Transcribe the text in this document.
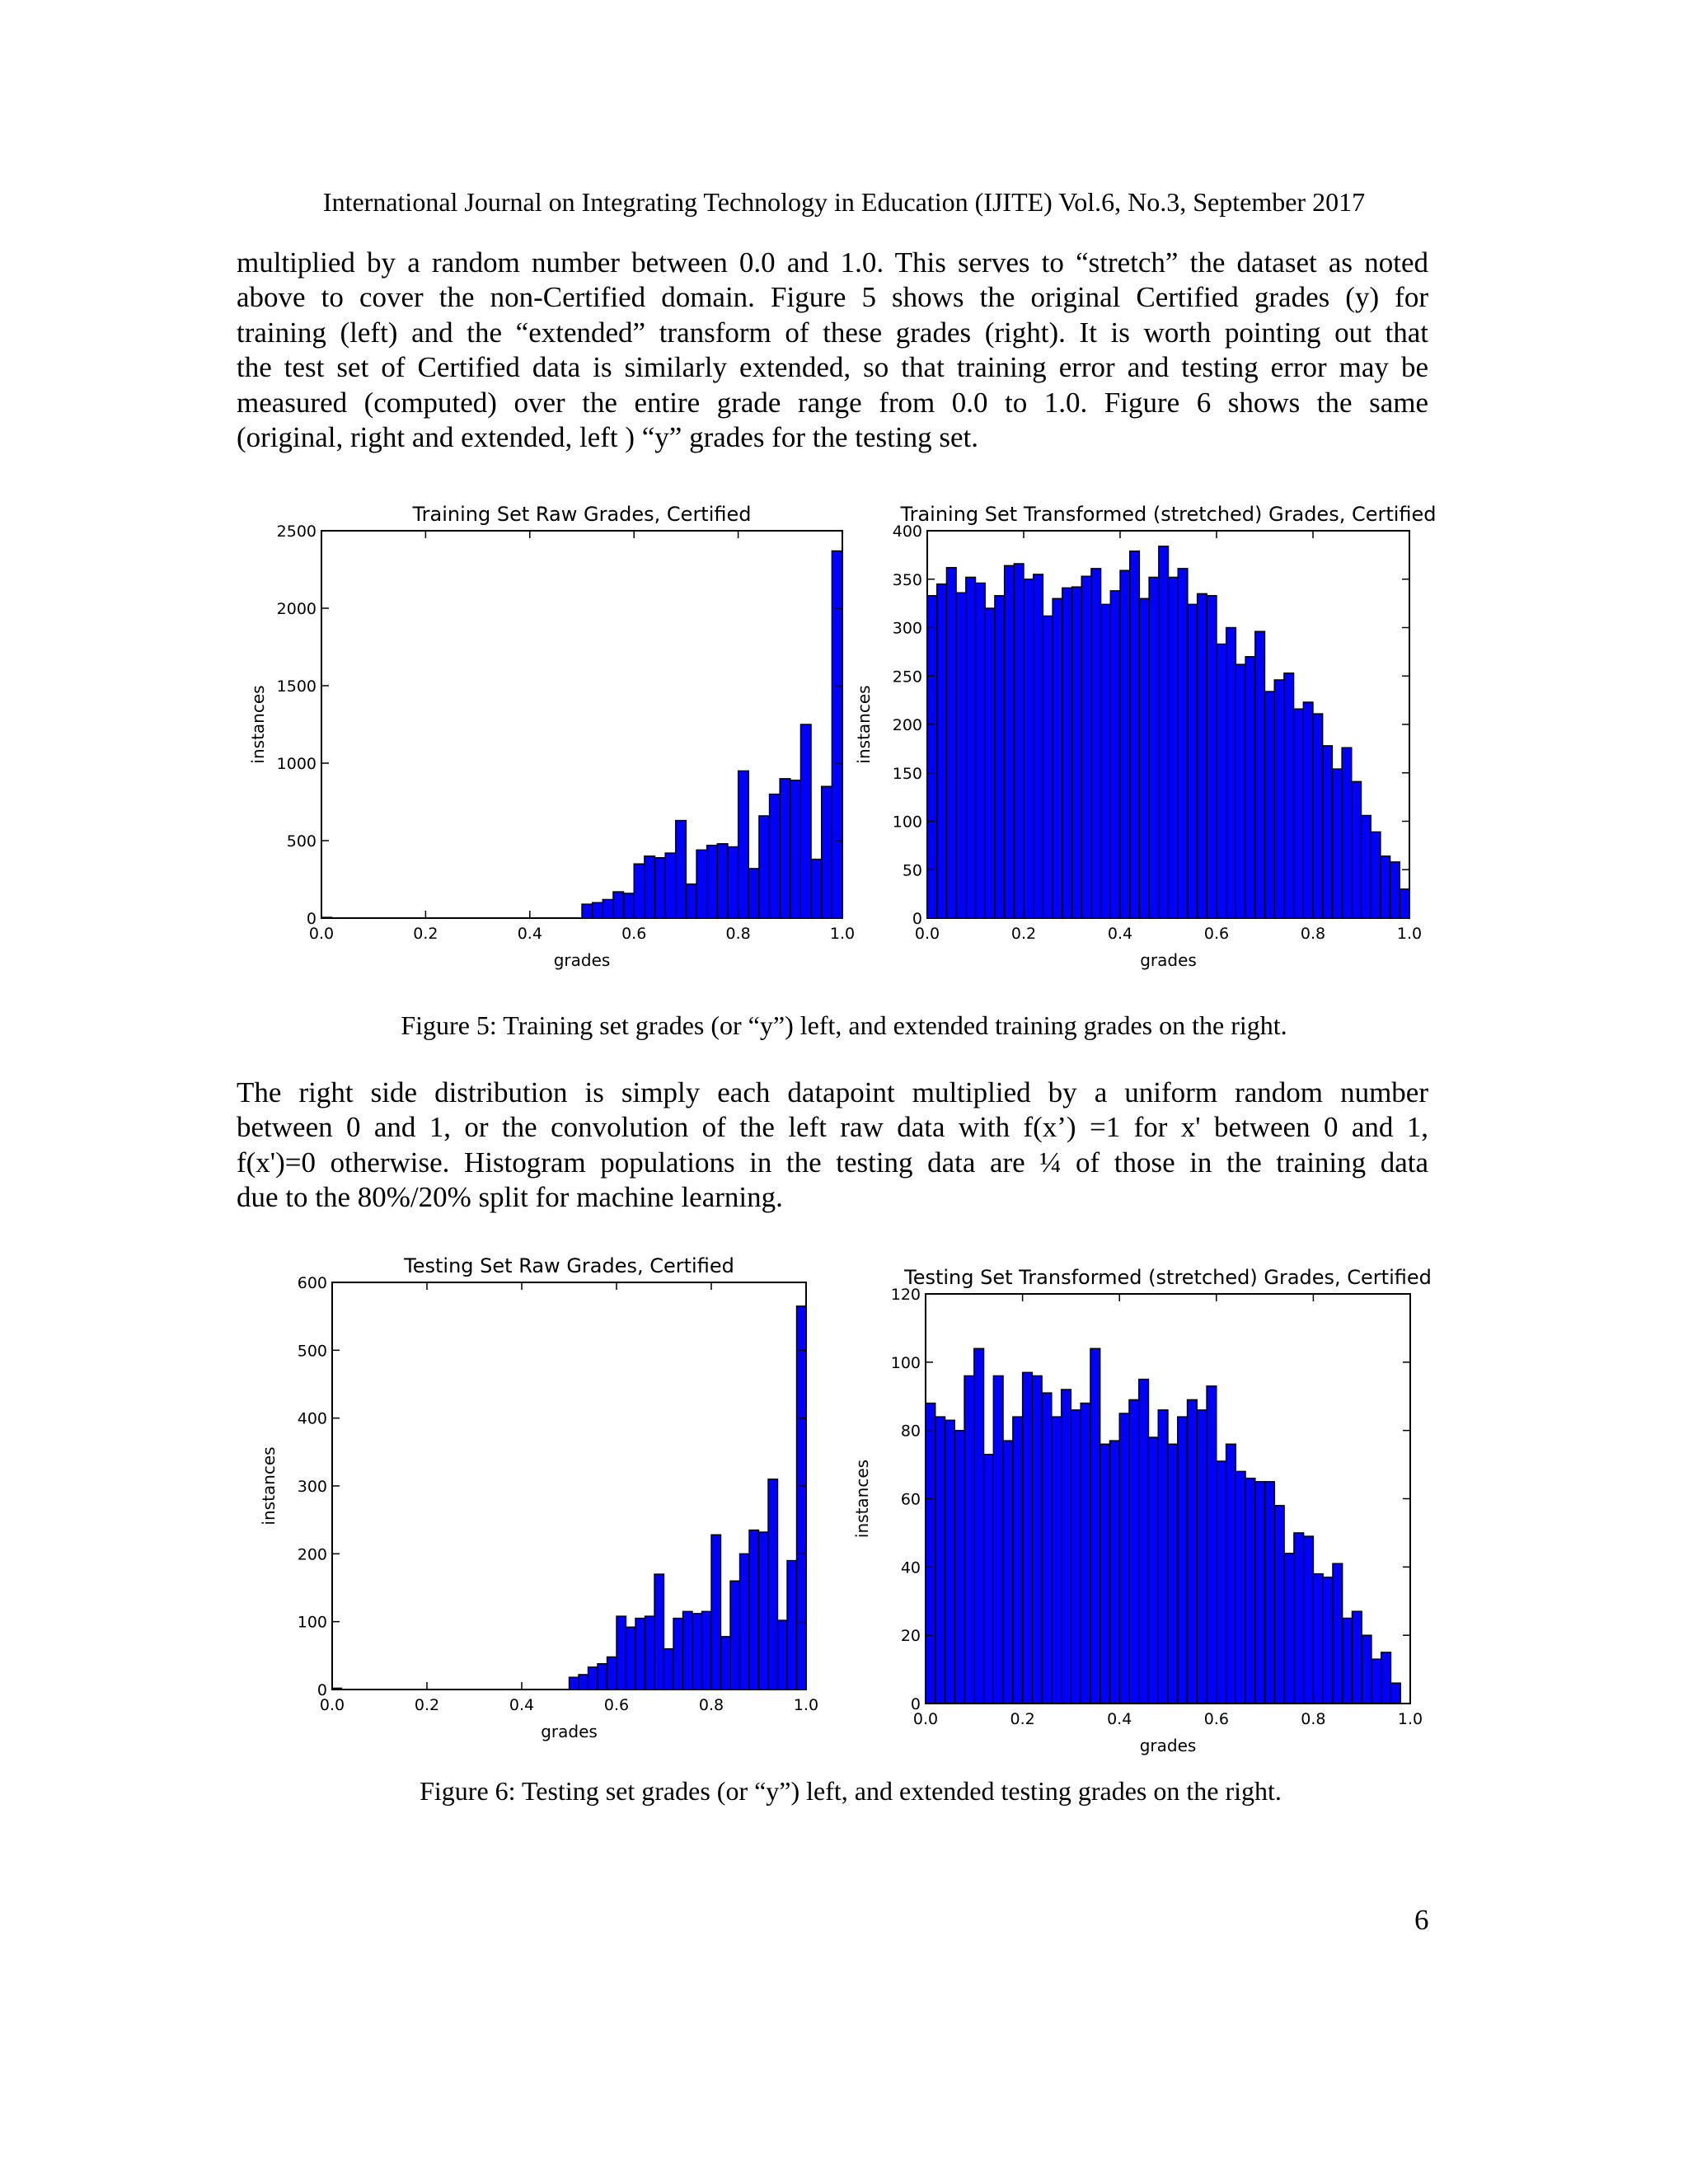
International Journal on Integrating Technology in Education (IJITE) Vol.6, No.3, September 2017
multiplied by a random number between 0.0 and 1.0. This serves to “stretch” the dataset as noted
above to cover the non-Certified domain. Figure 5 shows the original Certified grades (y) for
training (left) and the “extended” transform of these grades (right). It is worth pointing out that
the test set of Certified data is similarly extended, so that training error and testing error may be
measured (computed) over the entire grade range from 0.0 to 1.0. Figure 6 shows the same
(original, right and extended, left ) “y” grades for the testing set.
0.0	0.2	0.4	0.6	0.8	1.0
0
500
1000
1500
2000
2500
Training Set Raw Grades, Certified
grades
instances
0.0	0.2	0.4	0.6	0.8	1.0
0
50
100
150
200
250
300
350
400
Training Set Transformed (stretched) Grades, Certified
grades
instances
Figure 5: Training set grades (or “y”) left, and extended training grades on the right.
The right side distribution is simply each datapoint multiplied by a uniform random number
between 0 and 1, or the convolution of the left raw data with f(x’) =1 for x' between 0 and 1,
f(x')=0 otherwise. Histogram populations in the testing data are ¼ of those in the training data
due to the 80%/20% split for machine learning.
0.0	0.2	0.4	0.6	0.8	1.0
0
100
200
300
400
500
600
Testing Set Raw Grades, Certified
grades
instances
0.0	0.2	0.4	0.6	0.8	1.0
0
20
40
60
80
100
120
Testing Set Transformed (stretched) Grades, Certified
grades
instances
Figure 6: Testing set grades (or “y”) left, and extended testing grades on the right.
6
